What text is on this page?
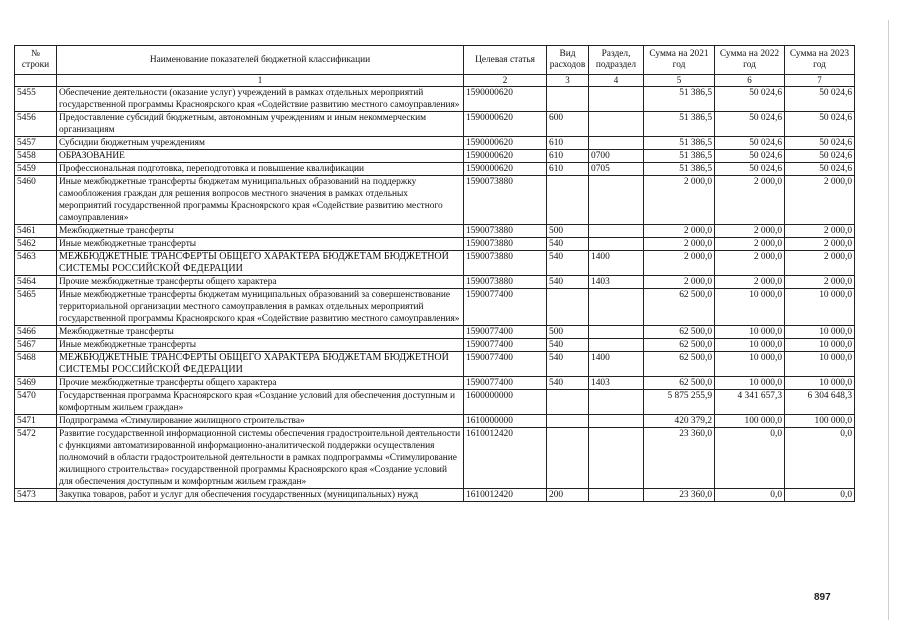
№ строки	Наименование показателей бюджетной классификации	Целевая статья	Вид расходов	Раздел, подраздел	Сумма на 2021 год	Сумма на 2022 год	Сумма на 2023 год
	1	2	3	4	5	6	7
5455	Обеспечение деятельности (оказание услуг) учреждений в рамках отдельных мероприятий государственной программы Красноярского края «Содействие развитию местного самоуправления»	1590000620			51 386,5	50 024,6	50 024,6
5456	Предоставление субсидий бюджетным, автономным учреждениям и иным некоммерческим организациям	1590000620	600		51 386,5	50 024,6	50 024,6
5457	Субсидии бюджетным учреждениям	1590000620	610		51 386,5	50 024,6	50 024,6
5458	ОБРАЗОВАНИЕ	1590000620	610	0700	51 386,5	50 024,6	50 024,6
5459	Профессиональная подготовка, переподготовка и повышение квалификации	1590000620	610	0705	51 386,5	50 024,6	50 024,6
5460	Иные межбюджетные трансферты бюджетам муниципальных образований на поддержку самообложения граждан для решения вопросов местного значения в рамках отдельных мероприятий государственной программы Красноярского края «Содействие развитию местного самоуправления»	1590073880			2 000,0	2 000,0	2 000,0
5461	Межбюджетные трансферты	1590073880	500		2 000,0	2 000,0	2 000,0
5462	Иные межбюджетные трансферты	1590073880	540		2 000,0	2 000,0	2 000,0
5463	МЕЖБЮДЖЕТНЫЕ ТРАНСФЕРТЫ ОБЩЕГО ХАРАКТЕРА БЮДЖЕТАМ БЮДЖЕТНОЙ СИСТЕМЫ РОССИЙСКОЙ ФЕДЕРАЦИИ	1590073880	540	1400	2 000,0	2 000,0	2 000,0
5464	Прочие межбюджетные трансферты общего характера	1590073880	540	1403	2 000,0	2 000,0	2 000,0
5465	Иные межбюджетные трансферты бюджетам муниципальных образований за совершенствование территориальной организации местного самоуправления в рамках отдельных мероприятий государственной программы Красноярского края «Содействие развитию местного самоуправления»	1590077400			62 500,0	10 000,0	10 000,0
5466	Межбюджетные трансферты	1590077400	500		62 500,0	10 000,0	10 000,0
5467	Иные межбюджетные трансферты	1590077400	540		62 500,0	10 000,0	10 000,0
5468	МЕЖБЮДЖЕТНЫЕ ТРАНСФЕРТЫ ОБЩЕГО ХАРАКТЕРА БЮДЖЕТАМ БЮДЖЕТНОЙ СИСТЕМЫ РОССИЙСКОЙ ФЕДЕРАЦИИ	1590077400	540	1400	62 500,0	10 000,0	10 000,0
5469	Прочие межбюджетные трансферты общего характера	1590077400	540	1403	62 500,0	10 000,0	10 000,0
5470	Государственная программа Красноярского края «Создание условий для обеспечения доступным и комфортным жильем граждан»	1600000000			5 875 255,9	4 341 657,3	6 304 648,3
5471	Подпрограмма «Стимулирование жилищного строительства»	1610000000			420 379,2	100 000,0	100 000,0
5472	Развитие государственной информационной системы обеспечения градостроительной деятельности с функциями автоматизированной информационно-аналитической поддержки осуществления полномочий в области градостроительной деятельности в рамках подпрограммы «Стимулирование жилищного строительства» государственной программы Красноярского края «Создание условий для обеспечения доступным и комфортным жильем граждан»	1610012420			23 360,0	0,0	0,0
5473	Закупка товаров, работ и услуг для обеспечения государственных (муниципальных) нужд	1610012420	200		23 360,0	0,0	0,0
897
